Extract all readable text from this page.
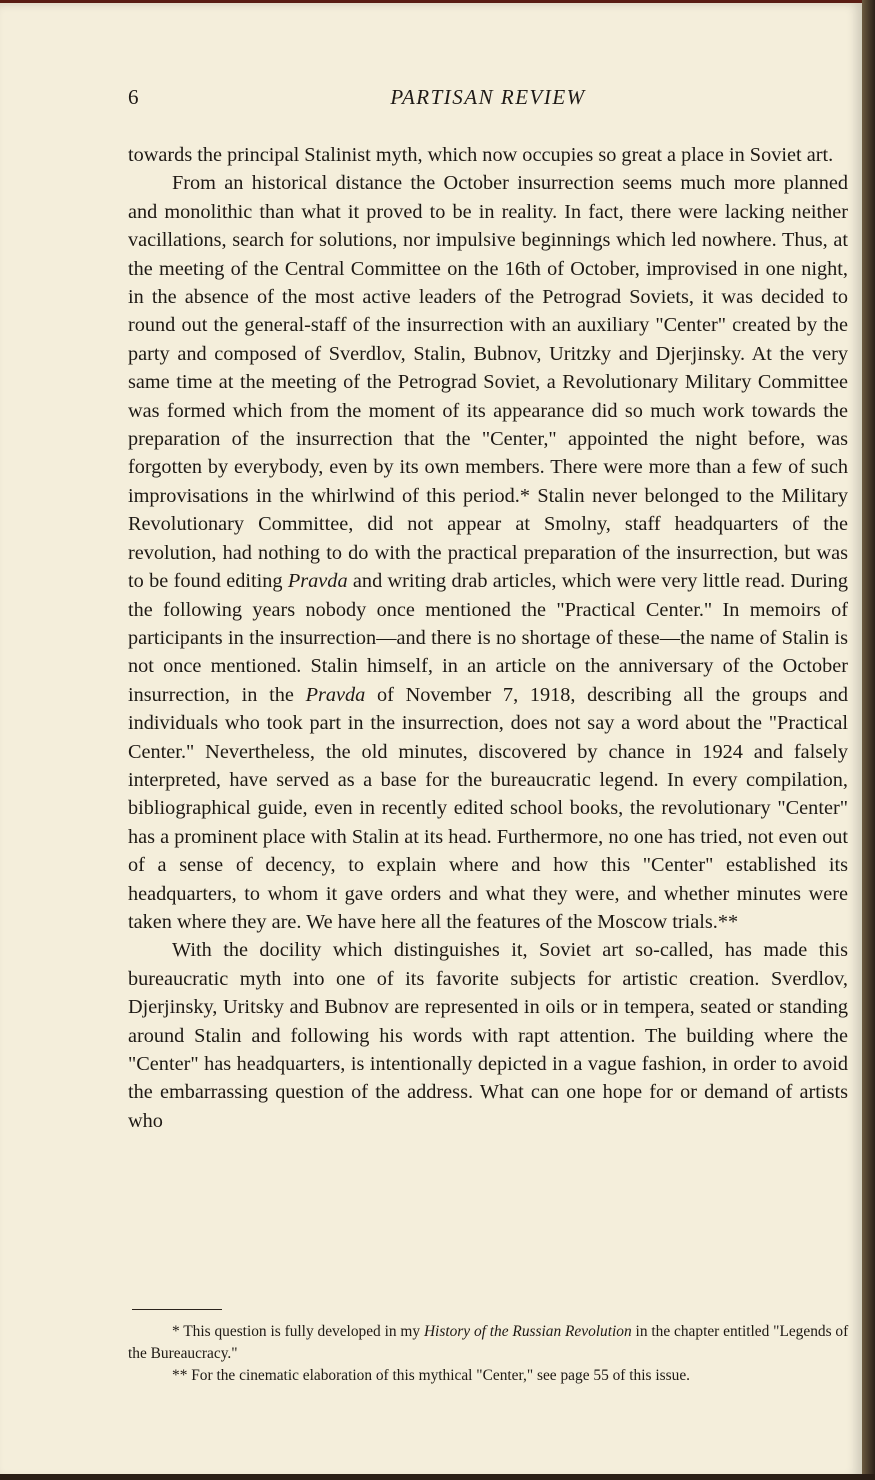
6	PARTISAN REVIEW

towards the principal Stalinist myth, which now occupies so great a place in Soviet art.

From an historical distance the October insurrection seems much more planned and monolithic than what it proved to be in reality. In fact, there were lacking neither vacillations, search for solutions, nor impulsive beginnings which led nowhere. Thus, at the meeting of the Central Committee on the 16th of October, improvised in one night, in the absence of the most active leaders of the Petrograd Soviets, it was decided to round out the general-staff of the insurrection with an auxiliary "Center" created by the party and composed of Sverdlov, Stalin, Bubnov, Uritzky and Djerjinsky. At the very same time at the meeting of the Petrograd Soviet, a Revolutionary Military Committee was formed which from the moment of its appearance did so much work towards the preparation of the insurrection that the "Center," appointed the night before, was forgotten by everybody, even by its own members. There were more than a few of such improvisations in the whirlwind of this period.* Stalin never belonged to the Military Revolutionary Committee, did not appear at Smolny, staff headquarters of the revolution, had nothing to do with the practical preparation of the insurrection, but was to be found editing Pravda and writing drab articles, which were very little read. During the following years nobody once mentioned the "Practical Center." In memoirs of participants in the insurrection—and there is no shortage of these—the name of Stalin is not once mentioned. Stalin himself, in an article on the anniversary of the October insurrection, in the Pravda of November 7, 1918, describing all the groups and individuals who took part in the insurrection, does not say a word about the "Practical Center." Nevertheless, the old minutes, discovered by chance in 1924 and falsely interpreted, have served as a base for the bureaucratic legend. In every compilation, bibliographical guide, even in recently edited school books, the revolutionary "Center" has a prominent place with Stalin at its head. Furthermore, no one has tried, not even out of a sense of decency, to explain where and how this "Center" established its headquarters, to whom it gave orders and what they were, and whether minutes were taken where they are. We have here all the features of the Moscow trials.**

With the docility which distinguishes it, Soviet art so-called, has made this bureaucratic myth into one of its favorite subjects for artistic creation. Sverdlov, Djerjinsky, Uritsky and Bubnov are represented in oils or in tempera, seated or standing around Stalin and following his words with rapt attention. The building where the "Center" has headquarters, is intentionally depicted in a vague fashion, in order to avoid the embarrassing question of the address. What can one hope for or demand of artists who

* This question is fully developed in my History of the Russian Revolution in the chapter entitled "Legends of the Bureaucracy."

** For the cinematic elaboration of this mythical "Center," see page 55 of this issue.
